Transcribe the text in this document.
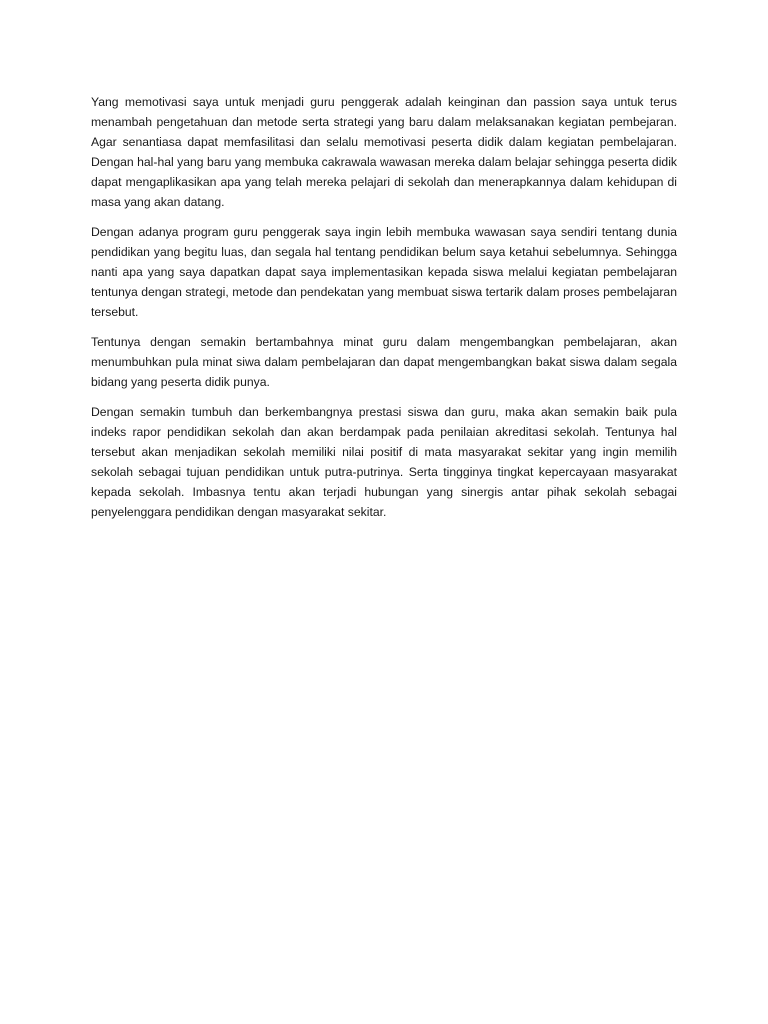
Yang memotivasi saya untuk menjadi guru penggerak adalah keinginan dan passion saya untuk terus menambah pengetahuan dan metode serta strategi yang baru dalam melaksanakan kegiatan pembejaran. Agar senantiasa dapat memfasilitasi dan selalu memotivasi peserta didik dalam kegiatan pembelajaran. Dengan hal-hal yang baru yang membuka cakrawala wawasan mereka dalam belajar sehingga peserta didik dapat mengaplikasikan apa yang telah mereka pelajari di sekolah dan menerapkannya dalam kehidupan di masa yang akan datang.

Dengan adanya program guru penggerak saya ingin lebih membuka wawasan saya sendiri tentang dunia pendidikan yang begitu luas, dan segala hal tentang pendidikan belum saya ketahui sebelumnya. Sehingga nanti apa yang saya dapatkan dapat saya implementasikan kepada siswa melalui kegiatan pembelajaran tentunya dengan strategi, metode dan pendekatan yang membuat siswa tertarik dalam proses pembelajaran tersebut.

Tentunya dengan semakin bertambahnya minat guru dalam mengembangkan pembelajaran, akan menumbuhkan pula minat siwa dalam pembelajaran dan dapat mengembangkan bakat siswa dalam segala bidang yang peserta didik punya.

Dengan semakin tumbuh dan berkembangnya prestasi siswa dan guru, maka akan semakin baik pula indeks rapor pendidikan sekolah dan akan berdampak pada penilaian akreditasi sekolah. Tentunya hal tersebut akan menjadikan sekolah memiliki nilai positif di mata masyarakat sekitar yang ingin memilih sekolah sebagai tujuan pendidikan untuk putra-putrinya. Serta tingginya tingkat kepercayaan masyarakat kepada sekolah. Imbasnya tentu akan terjadi hubungan yang sinergis antar pihak sekolah sebagai penyelenggara pendidikan dengan masyarakat sekitar.
